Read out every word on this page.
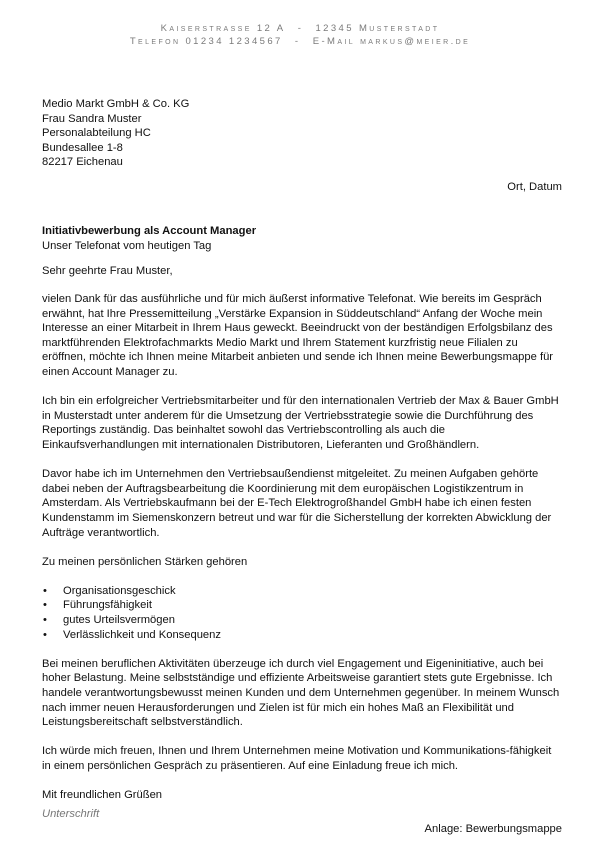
Kaiserstrasse 12 A - 12345 Musterstadt
Telefon 01234 1234567 - E-Mail markus@meier.de
Medio Markt GmbH & Co. KG
Frau Sandra Muster
Personalabteilung HC
Bundesallee 1-8
82217 Eichenau
Ort, Datum
Initiativbewerbung als Account Manager
Unser Telefonat vom heutigen Tag
Sehr geehrte Frau Muster,

vielen Dank für das ausführliche und für mich äußerst informative Telefonat. Wie bereits im Gespräch erwähnt, hat Ihre Pressemitteilung „Verstärke Expansion in Süddeutschland“ Anfang der Woche mein Interesse an einer Mitarbeit in Ihrem Haus geweckt. Beeindruckt von der beständigen Erfolgsbilanz des marktführenden Elektrofachmarkts Medio Markt und Ihrem Statement kurzfristig neue Filialen zu eröffnen, möchte ich Ihnen meine Mitarbeit anbieten und sende ich Ihnen meine Bewerbungsmappe für einen Account Manager zu.

Ich bin ein erfolgreicher Vertriebsmitarbeiter und für den internationalen Vertrieb der Max & Bauer GmbH in Musterstadt unter anderem für die Umsetzung der Vertriebsstrategie sowie die Durchführung des Reportings zuständig. Das beinhaltet sowohl das Vertriebscontrolling als auch die Einkaufsverhandlungen mit internationalen Distributoren, Lieferanten und Großhändlern.

Davor habe ich im Unternehmen den Vertriebsaußendienst mitgeleitet. Zu meinen Aufgaben gehörte dabei neben der Auftragsbearbeitung die Koordinierung mit dem europäischen Logistikzentrum in Amsterdam. Als Vertriebskaufmann bei der E-Tech Elektrogroßhandel GmbH habe ich einen festen Kundenstamm im Siemenskonzern betreut und war für die Sicherstellung der korrekten Abwicklung der Aufträge verantwortlich.

Zu meinen persönlichen Stärken gehören

• Organisationsgeschick
• Führungsfähigkeit
• gutes Urteilsvermögen
• Verlässlichkeit und Konsequenz

Bei meinen beruflichen Aktivitäten überzeuge ich durch viel Engagement und Eigeninitiative, auch bei hoher Belastung. Meine selbstständige und effiziente Arbeitsweise garantiert stets gute Ergebnisse. Ich handele verantwortungsbewusst meinen Kunden und dem Unternehmen gegenüber. In meinem Wunsch nach immer neuen Herausforderungen und Zielen ist für mich ein hohes Maß an Flexibilität und Leistungsbereitschaft selbstverständlich.

Ich würde mich freuen, Ihnen und Ihrem Unternehmen meine Motivation und Kommunikations-fähigkeit in einem persönlichen Gespräch zu präsentieren. Auf eine Einladung freue ich mich.

Mit freundlichen Grüßen

Unterschrift
Anlage: Bewerbungsmappe
